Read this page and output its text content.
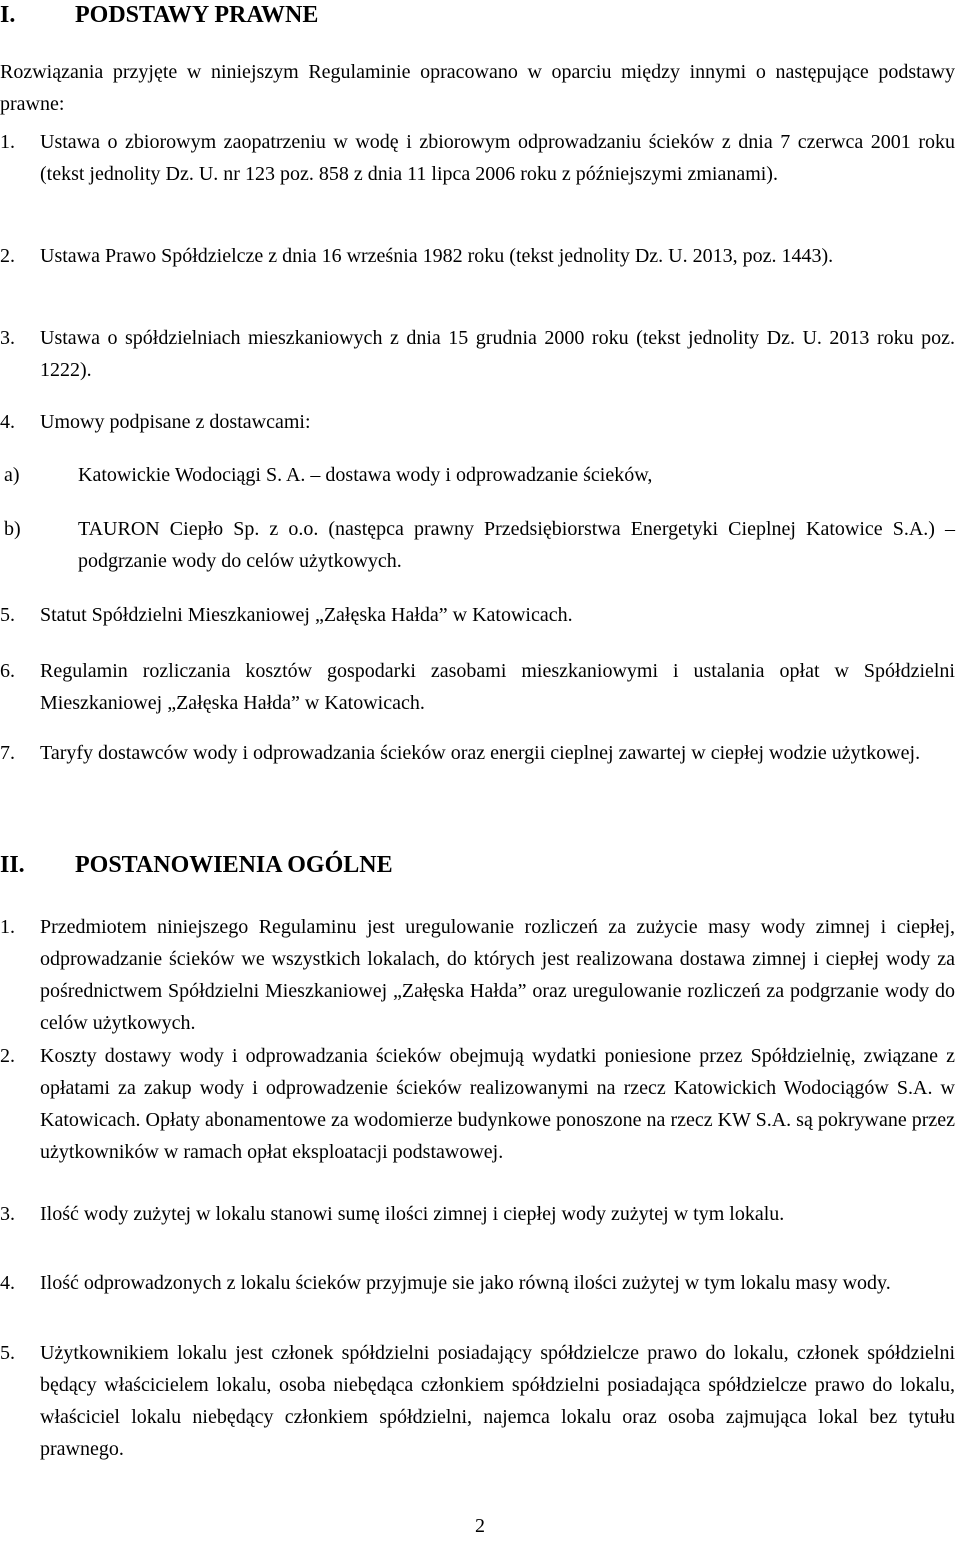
I. PODSTAWY PRAWNE
Rozwiązania przyjęte w niniejszym Regulaminie opracowano w oparciu między innymi o następujące podstawy prawne:
1. Ustawa o zbiorowym zaopatrzeniu w wodę i zbiorowym odprowadzaniu ścieków z dnia 7 czerwca 2001 roku (tekst jednolity Dz. U. nr 123 poz. 858 z dnia 11 lipca 2006 roku z późniejszymi zmianami).
2. Ustawa Prawo Spółdzielcze z dnia 16 września 1982 roku (tekst jednolity Dz. U. 2013, poz. 1443).
3. Ustawa o spółdzielniach mieszkaniowych z dnia 15 grudnia 2000 roku (tekst jednolity Dz. U. 2013 roku poz. 1222).
4. Umowy podpisane z dostawcami:
a)	Katowickie Wodociągi S. A. – dostawa wody i odprowadzanie ścieków,
b)	TAURON Ciepło Sp. z o.o. (następca prawny Przedsiębiorstwa Energetyki Cieplnej Katowice S.A.) – podgrzanie wody do celów użytkowych.
5. Statut Spółdzielni Mieszkaniowej „Załęska Hałda” w Katowicach.
6. Regulamin rozliczania kosztów gospodarki zasobami mieszkaniowymi i ustalania opłat w Spółdzielni Mieszkaniowej „Załęska Hałda” w Katowicach.
7. Taryfy dostawców wody i odprowadzania ścieków oraz energii cieplnej zawartej w ciepłej wodzie użytkowej.
II. POSTANOWIENIA OGÓLNE
1. Przedmiotem niniejszego Regulaminu jest uregulowanie rozliczeń za zużycie masy wody zimnej i ciepłej, odprowadzanie ścieków we wszystkich lokalach, do których jest realizowana dostawa zimnej i ciepłej wody za pośrednictwem Spółdzielni Mieszkaniowej „Załęska Hałda” oraz uregulowanie rozliczeń za podgrzanie wody do celów użytkowych.
2. Koszty dostawy wody i odprowadzania ścieków obejmują wydatki poniesione przez Spółdzielnię, związane z opłatami za zakup wody i odprowadzenie ścieków realizowanymi na rzecz Katowickich Wodociągów S.A. w Katowicach. Opłaty abonamentowe za wodomierze budynkowe ponoszone na rzecz KW S.A. są pokrywane przez użytkowników w ramach opłat eksploatacji podstawowej.
3. Ilość wody zużytej w lokalu stanowi sumę ilości zimnej i ciepłej wody zużytej w tym lokalu.
4. Ilość odprowadzonych z lokalu ścieków przyjmuje sie jako równą ilości zużytej w tym lokalu masy wody.
5. Użytkownikiem lokalu jest członek spółdzielni posiadający spółdzielcze prawo do lokalu, członek spółdzielni będący właścicielem lokalu, osoba niebędąca członkiem spółdzielni posiadająca spółdzielcze prawo do lokalu, właściciel lokalu niebędący członkiem spółdzielni, najemca lokalu oraz osoba zajmująca lokal bez tytułu prawnego.
2
